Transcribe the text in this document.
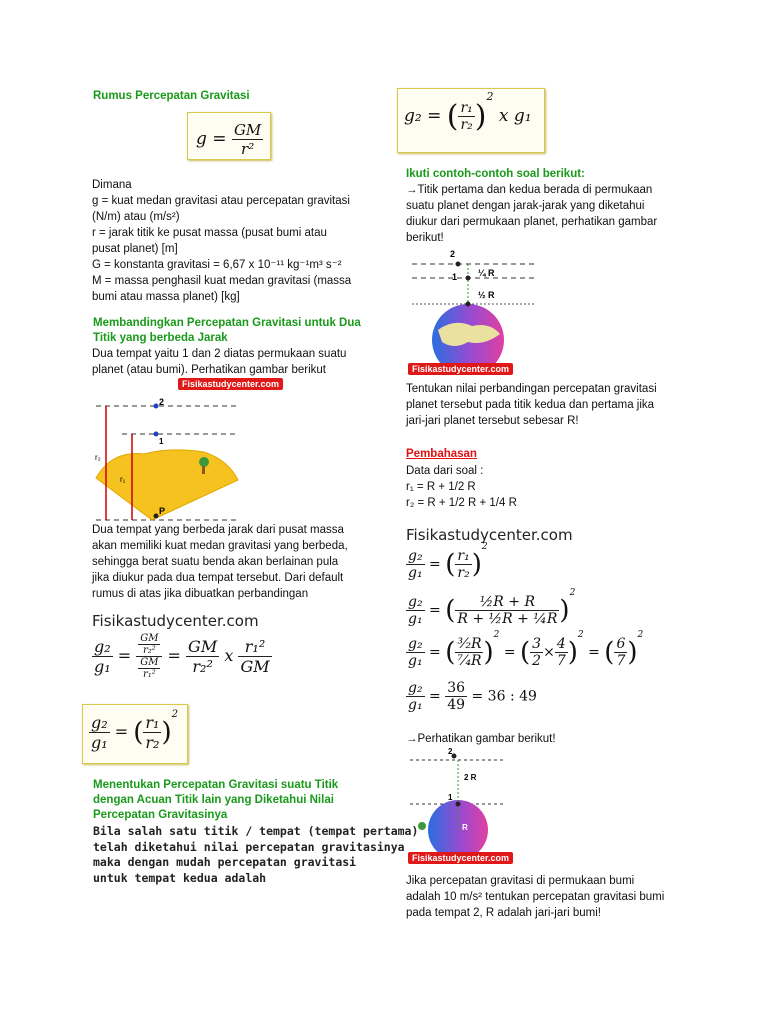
Rumus Percepatan Gravitasi
$g = \frac{GM}{\text{r²}}$
Dimana
g = kuat medan gravitasi atau percepatan gravitasi
(N/m) atau (m/s²)
r = jarak titik ke pusat massa (pusat bumi atau
pusat planet) [m]
G = konstanta gravitasi = 6,67 x 10⁻¹¹ kg⁻¹m³ s⁻²
M = massa penghasil kuat medan gravitasi (massa
bumi atau massa planet) [kg]
Membandingkan Percepatan Gravitasi untuk Dua
Titik yang berbeda Jarak
Dua tempat yaitu 1 dan 2 diatas permukaan suatu
planet (atau bumi). Perhatikan gambar berikut
Fisikastudycenter.com
2
1
r₂
r₁
P
Dua tempat yang berbeda jarak dari pusat massa
akan memiliki kuat medan gravitasi yang berbeda,
sehingga berat suatu benda akan berlainan pula
jika diukur pada dua tempat tersebut. Dari default
rumus di atas jika dibuatkan perbandingan
Fisikastudycenter.com
$\frac{\text{g₂}}{\text{g₁}} = \frac{GM}{\text{r₂²}}$
$\frac{GM}{\text{r₁²}}$
= $\frac{GM}{\text{r₂²}}$ x $\frac{\text{r₁²}}{GM}$
$\frac{\text{g₂}}{\text{g₁}}$ = ( $\frac{\text{r₁}}{\text{r₂}} )^2$
Menentukan Percepatan Gravitasi suatu Titik
dengan Acuan Titik lain yang Diketahui Nilai
Percepatan Gravitasinya
Bila salah satu titik / tempat (tempat pertama)
telah diketahui nilai percepatan gravitasinya
maka dengan mudah percepatan gravitasi
untuk tempat kedua adalah
g₂ = ( $\frac{\text{r₁}}{\text{r₂}} )^2$ x g₁
Ikuti contoh-contoh soal berikut:
→Titik pertama dan kedua berada di permukaan
suatu planet dengan jarak-jarak yang diketahui
diukur dari permukaan planet, perhatikan gambar
berikut!
2
1 ¼ R
½ R
Fisikastudycenter.com
Tentukan nilai perbandingan percepatan gravitasi
planet tersebut pada titik kedua dan pertama jika
jari-jari planet tersebut sebesar R!
Pembahasan
Data dari soal :
r₁ = R + 1/2 R
r₂ = R + 1/2 R + 1/4 R
Fisikastudycenter.com
$\frac{\text{g₂}}{\text{g₁}}$ = ( $\frac{\text{r₁}}{\text{r₂}} )^2$
$\frac{\text{g₂}}{\text{g₁}}$ = ( $\frac{\text{½R + R}}{\text{R + ½R + ¼R}} )^2$
$\frac{\text{g₂}}{\text{g₁}}$ = ( $\frac{\text{³⁄₂R}}{\text{⁷⁄₄R}} )^2$ = ( $\frac{3}{2} \times \frac{4}{7} )^2$ = ( $\frac{6}{7} )^2$
$\frac{\text{g₂}}{\text{g₁}} = \frac{36}{49} = 36$ : 49
→Perhatikan gambar berikut!
2
1
2 R
R
Fisikastudycenter.com
Jika percepatan gravitasi di permukaan bumi
adalah 10 m/s² tentukan percepatan gravitasi bumi
pada tempat 2, R adalah jari-jari bumi!
